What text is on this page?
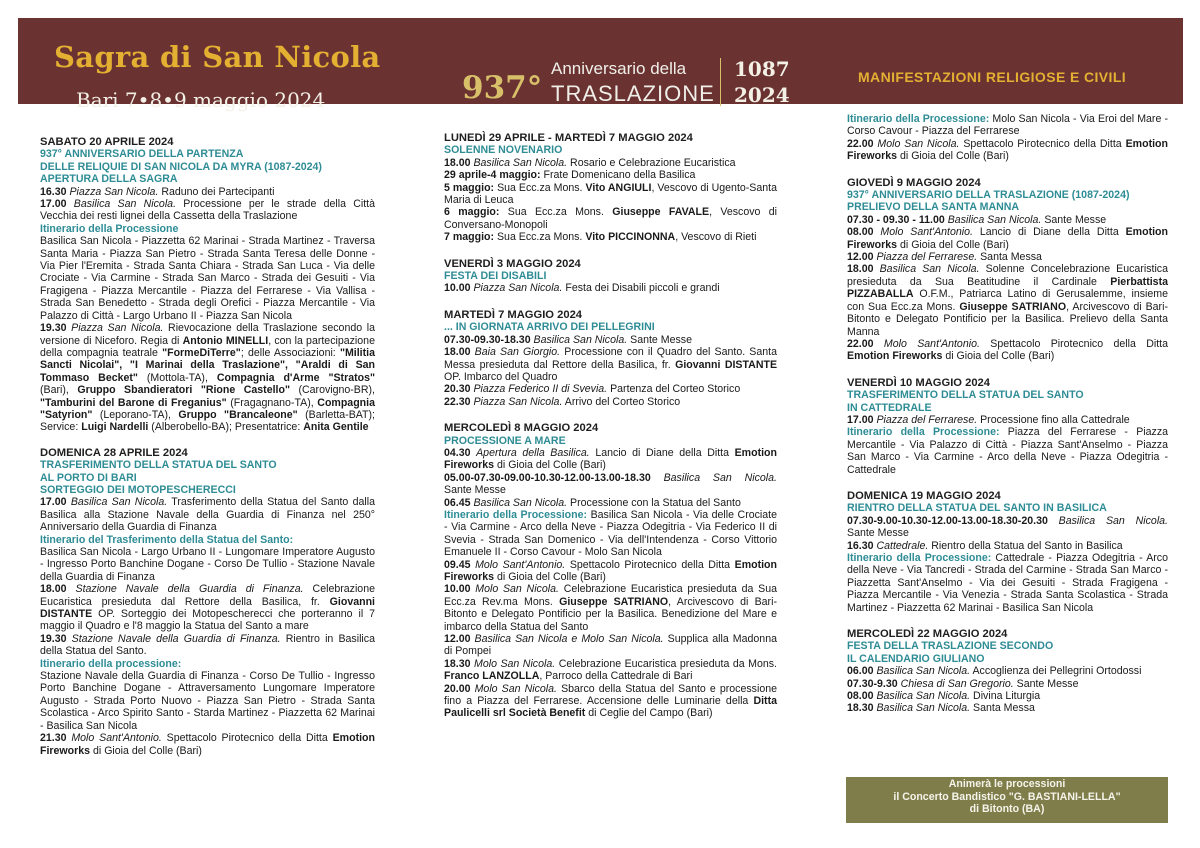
Sagra di San Nicola
Bari 7•8•9 maggio 2024	937°
Anniversario della
TRASLAZIONE
1087
2024
MANIFESTAZIONI RELIGIOSE E CIVILI

SABATO 20 APRILE 2024

937° ANNIVERSARIO DELLA PARTENZA

DELLE RELIQUIE DI SAN NICOLA DA MYRA (1087-2024)

APERTURA DELLA SAGRA

16.30 Piazza San Nicola. Raduno dei Partecipanti

17.00 Basilica San Nicola. Processione per le strade della Città Vecchia dei resti lignei della Cassetta della Traslazione

Itinerario della Processione

Basilica San Nicola - Piazzetta 62 Marinai - Strada Martinez - Traversa Santa Maria - Piazza San Pietro - Strada Santa Teresa delle Donne - Via Pier l'Eremita - Strada Santa Chiara - Strada San Luca - Via delle Crociate - Via Carmine - Strada San Marco - Strada dei Gesuiti - Via Fragigena - Piazza Mercantile - Piazza del Ferrarese - Via Vallisa - Strada San Benedetto - Strada degli Orefici - Piazza Mercantile - Via Palazzo di Città - Largo Urbano II - Piazza San Nicola

19.30 Piazza San Nicola. Rievocazione della Traslazione secondo la versione di Niceforo. Regia di Antonio MINELLI, con la partecipazione della compagnia teatrale "FormeDiTerre"; delle Associazioni: "Militia Sancti Nicolai", "I Marinai della Traslazione", "Araldi di San Tommaso Becket" (Mottola-TA), Compagnia d'Arme "Stratos" (Bari), Gruppo Sbandieratori "Rione Castello" (Carovigno-BR), "Tamburini del Barone di Freganius" (Fragagnano-TA), Compagnia "Satyrion" (Leporano-TA), Gruppo "Brancaleone" (Barletta-BAT); Service: Luigi Nardelli (Alberobello-BA); Presentatrice: Anita Gentile

DOMENICA 28 APRILE 2024

TRASFERIMENTO DELLA STATUA DEL SANTO

AL PORTO DI BARI

SORTEGGIO DEI MOTOPESCHERECCI

17.00 Basilica San Nicola. Trasferimento della Statua del Santo dalla Basilica alla Stazione Navale della Guardia di Finanza nel 250° Anniversario della Guardia di Finanza

Itinerario del Trasferimento della Statua del Santo:

Basilica San Nicola - Largo Urbano II - Lungomare Imperatore Augusto - Ingresso Porto Banchine Dogane - Corso De Tullio - Stazione Navale della Guardia di Finanza

18.00 Stazione Navale della Guardia di Finanza. Celebrazione Eucaristica presieduta dal Rettore della Basilica, fr. Giovanni DISTANTE OP. Sorteggio dei Motopescherecci che porteranno il 7 maggio il Quadro e l'8 maggio la Statua del Santo a mare

19.30 Stazione Navale della Guardia di Finanza. Rientro in Basilica della Statua del Santo.

Itinerario della processione:

Stazione Navale della Guardia di Finanza - Corso De Tullio - Ingresso Porto Banchine Dogane - Attraversamento Lungomare Imperatore Augusto - Strada Porto Nuovo - Piazza San Pietro - Strada Santa Scolastica - Arco Spirito Santo - Starda Martinez - Piazzetta 62 Marinai - Basilica San Nicola

21.30 Molo Sant'Antonio. Spettacolo Pirotecnico della Ditta Emotion Fireworks di Gioia del Colle (Bari)

LUNEDÌ 29 APRILE - MARTEDÌ 7 MAGGIO 2024

SOLENNE NOVENARIO

18.00 Basilica San Nicola. Rosario e Celebrazione Eucaristica

29 aprile-4 maggio: Frate Domenicano della Basilica

5 maggio: Sua Ecc.za Mons. Vito ANGIULI, Vescovo di Ugento-Santa Maria di Leuca

6 maggio: Sua Ecc.za Mons. Giuseppe FAVALE, Vescovo di Conversano-Monopoli

7 maggio: Sua Ecc.za Mons. Vito PICCINONNA, Vescovo di Rieti

VENERDÌ 3 MAGGIO 2024

FESTA DEI DISABILI

10.00 Piazza San Nicola. Festa dei Disabili piccoli e grandi

MARTEDÌ 7 MAGGIO 2024

... IN GIORNATA ARRIVO DEI PELLEGRINI

07.30-09.30-18.30 Basilica San Nicola. Sante Messe

18.00 Baia San Giorgio. Processione con il Quadro del Santo. Santa Messa presieduta dal Rettore della Basilica, fr. Giovanni DISTANTE OP. Imbarco del Quadro

20.30 Piazza Federico II di Svevia. Partenza del Corteo Storico

22.30 Piazza San Nicola. Arrivo del Corteo Storico

MERCOLEDÌ 8 MAGGIO 2024

PROCESSIONE A MARE

04.30 Apertura della Basilica. Lancio di Diane della Ditta Emotion Fireworks di Gioia del Colle (Bari)

05.00-07.30-09.00-10.30-12.00-13.00-18.30 Basilica San Nicola. Sante Messe

06.45 Basilica San Nicola. Processione con la Statua del Santo

Itinerario della Processione: Basilica San Nicola - Via delle Crociate - Via Carmine - Arco della Neve - Piazza Odegitria - Via Federico II di Svevia - Strada San Domenico - Via dell'Intendenza - Corso Vittorio Emanuele II - Corso Cavour - Molo San Nicola

09.45 Molo Sant'Antonio. Spettacolo Pirotecnico della Ditta Emotion Fireworks di Gioia del Colle (Bari)

10.00 Molo San Nicola. Celebrazione Eucaristica presieduta da Sua Ecc.za Rev.ma Mons. Giuseppe SATRIANO, Arcivescovo di Bari-Bitonto e Delegato Pontificio per la Basilica. Benedizione del Mare e imbarco della Statua del Santo

12.00 Basilica San Nicola e Molo San Nicola. Supplica alla Madonna di Pompei

18.30 Molo San Nicola. Celebrazione Eucaristica presieduta da Mons. Franco LANZOLLA, Parroco della Cattedrale di Bari

20.00 Molo San Nicola. Sbarco della Statua del Santo e processione fino a Piazza del Ferrarese. Accensione delle Luminarie della Ditta Paulicelli srl Società Benefit di Ceglie del Campo (Bari)

Itinerario della Processione: Molo San Nicola - Via Eroi del Mare - Corso Cavour - Piazza del Ferrarese

22.00 Molo San Nicola. Spettacolo Pirotecnico della Ditta Emotion Fireworks di Gioia del Colle (Bari)

GIOVEDÌ 9 MAGGIO 2024

937° ANNIVERSARIO DELLA TRASLAZIONE (1087-2024)

PRELIEVO DELLA SANTA MANNA

07.30 - 09.30 - 11.00 Basilica San Nicola. Sante Messe

08.00 Molo Sant'Antonio. Lancio di Diane della Ditta Emotion Fireworks di Gioia del Colle (Bari)

12.00 Piazza del Ferrarese. Santa Messa

18.00 Basilica San Nicola. Solenne Concelebrazione Eucaristica presieduta da Sua Beatitudine il Cardinale Pierbattista PIZZABALLA O.F.M., Patriarca Latino di Gerusalemme, insieme con Sua Ecc.za Mons. Giuseppe SATRIANO, Arcivescovo di Bari-Bitonto e Delegato Pontificio per la Basilica. Prelievo della Santa Manna

22.00 Molo Sant'Antonio. Spettacolo Pirotecnico della Ditta Emotion Fireworks di Gioia del Colle (Bari)

VENERDÌ 10 MAGGIO 2024

TRASFERIMENTO DELLA STATUA DEL SANTO

IN CATTEDRALE

17.00 Piazza del Ferrarese. Processione fino alla Cattedrale

Itinerario della Processione: Piazza del Ferrarese - Piazza Mercantile - Via Palazzo di Città - Piazza Sant'Anselmo - Piazza San Marco - Via Carmine - Arco della Neve - Piazza Odegitria - Cattedrale

DOMENICA 19 MAGGIO 2024

RIENTRO DELLA STATUA DEL SANTO IN BASILICA

07.30-9.00-10.30-12.00-13.00-18.30-20.30 Basilica San Nicola. Sante Messe

16.30 Cattedrale. Rientro della Statua del Santo in Basilica

Itinerario della Processione: Cattedrale - Piazza Odegitria - Arco della Neve - Via Tancredi - Strada del Carmine - Strada San Marco - Piazzetta Sant'Anselmo - Via dei Gesuiti - Strada Fragigena - Piazza Mercantile - Via Venezia - Strada Santa Scolastica - Strada Martinez - Piazzetta 62 Marinai - Basilica San Nicola

MERCOLEDÌ 22 MAGGIO 2024

FESTA DELLA TRASLAZIONE SECONDO

IL CALENDARIO GIULIANO

06.00 Basilica San Nicola. Accoglienza dei Pellegrini Ortodossi

07.30-9.30 Chiesa di San Gregorio. Sante Messe

08.00 Basilica San Nicola. Divina Liturgia

18.30 Basilica San Nicola. Santa Messa

Animerà le processioni
il Concerto Bandistico "G. BASTIANI-LELLA"
di Bitonto (BA)
